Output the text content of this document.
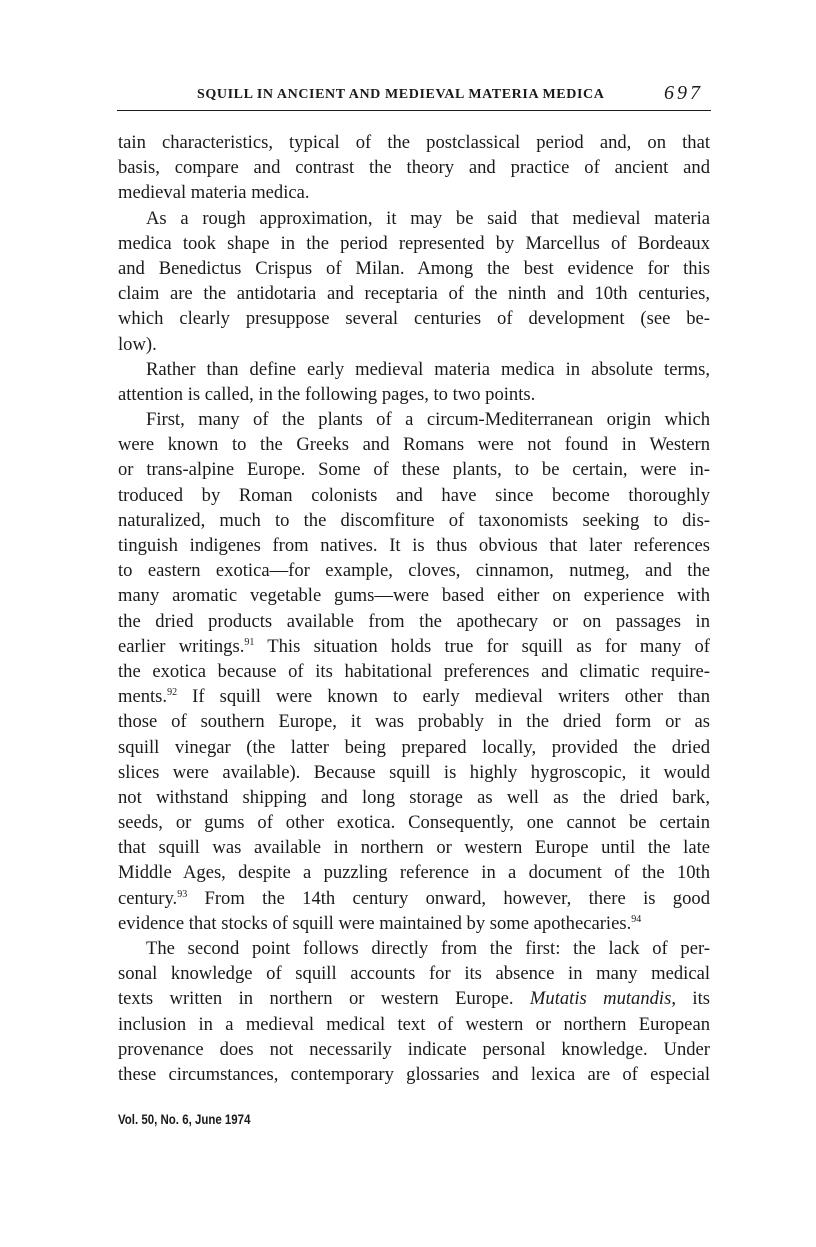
SQUILL IN ANCIENT AND MEDIEVAL MATERIA MEDICA	697
tain characteristics, typical of the postclassical period and, on that
basis, compare and contrast the theory and practice of ancient and
medieval materia medica.
As a rough approximation, it may be said that medieval materia
medica took shape in the period represented by Marcellus of Bordeaux
and Benedictus Crispus of Milan. Among the best evidence for this
claim are the antidotaria and receptaria of the ninth and 10th centuries,
which clearly presuppose several centuries of development (see be-
low).
Rather than define early medieval materia medica in absolute terms,
attention is called, in the following pages, to two points.
First, many of the plants of a circum-Mediterranean origin which
were known to the Greeks and Romans were not found in Western
or trans-alpine Europe. Some of these plants, to be certain, were in-
troduced by Roman colonists and have since become thoroughly
naturalized, much to the discomfiture of taxonomists seeking to dis-
tinguish indigenes from natives. It is thus obvious that later references
to eastern exotica—for example, cloves, cinnamon, nutmeg, and the
many aromatic vegetable gums—were based either on experience with
the dried products available from the apothecary or on passages in
earlier writings.$^{91}$ This situation holds true for squill as for many of
the exotica because of its habitational preferences and climatic require-
ments.$^{92}$ If squill were known to early medieval writers other than
those of southern Europe, it was probably in the dried form or as
squill vinegar (the latter being prepared locally, provided the dried
slices were available). Because squill is highly hygroscopic, it would
not withstand shipping and long storage as well as the dried bark,
seeds, or gums of other exotica. Consequently, one cannot be certain
that squill was available in northern or western Europe until the late
Middle Ages, despite a puzzling reference in a document of the 10th
century.$^{93}$ From the 14th century onward, however, there is good
evidence that stocks of squill were maintained by some apothecaries.$^{94}$
The second point follows directly from the first: the lack of per-
sonal knowledge of squill accounts for its absence in many medical
texts written in northern or western Europe. Mutatis mutandis, its
inclusion in a medieval medical text of western or northern European
provenance does not necessarily indicate personal knowledge. Under
these circumstances, contemporary glossaries and lexica are of especial
Vol. 50, No. 6, June 1974
